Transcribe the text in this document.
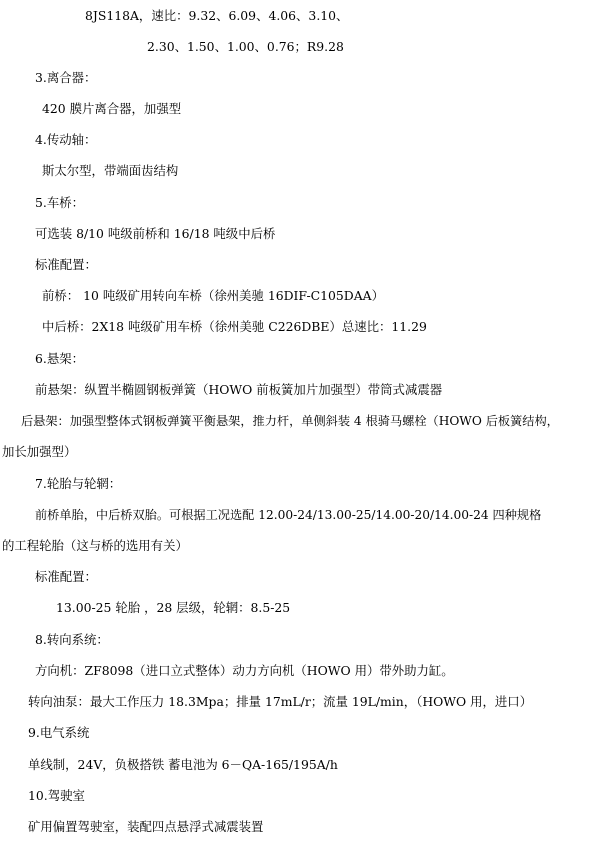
8JS118A，速比：9.32、6.09、4.06、3.10、
2.30、1.50、1.00、0.76；R9.28
3.离合器：
420 膜片离合器，加强型
4.传动轴：
斯太尔型，带端面齿结构
5.车桥：
可选装 8/10 吨级前桥和 16/18 吨级中后桥
标准配置：
前桥： 10 吨级矿用转向车桥（徐州美驰 16DIF-C105DAA）
中后桥：2X18 吨级矿用车桥（徐州美驰 C226DBE）总速比：11.29
6.悬架：
前悬架：纵置半椭圆钢板弹簧（HOWO 前板簧加片加强型）带筒式减震器
后悬架：加强型整体式钢板弹簧平衡悬架，推力杆，单侧斜装 4 根骑马螺栓（HOWO 后板簧结构，
加长加强型）
7.轮胎与轮辋：
前桥单胎，中后桥双胎。可根据工况选配 12.00-24/13.00-25/14.00-20/14.00-24 四种规格
的工程轮胎（这与桥的选用有关）
标准配置：
13.00-25 轮胎 ，28 层级，轮辋：8.5-25
8.转向系统：
方向机：ZF8098（进口立式整体）动力方向机（HOWO 用）带外助力缸。
转向油泵：最大工作压力 18.3Mpa；排量 17mL/r；流量 19L/min，（HOWO 用，进口）
9.电气系统
单线制，24V，负极搭铁 蓄电池为 6－QA-165/195A/h
10.驾驶室
矿用偏置驾驶室，装配四点悬浮式减震装置
